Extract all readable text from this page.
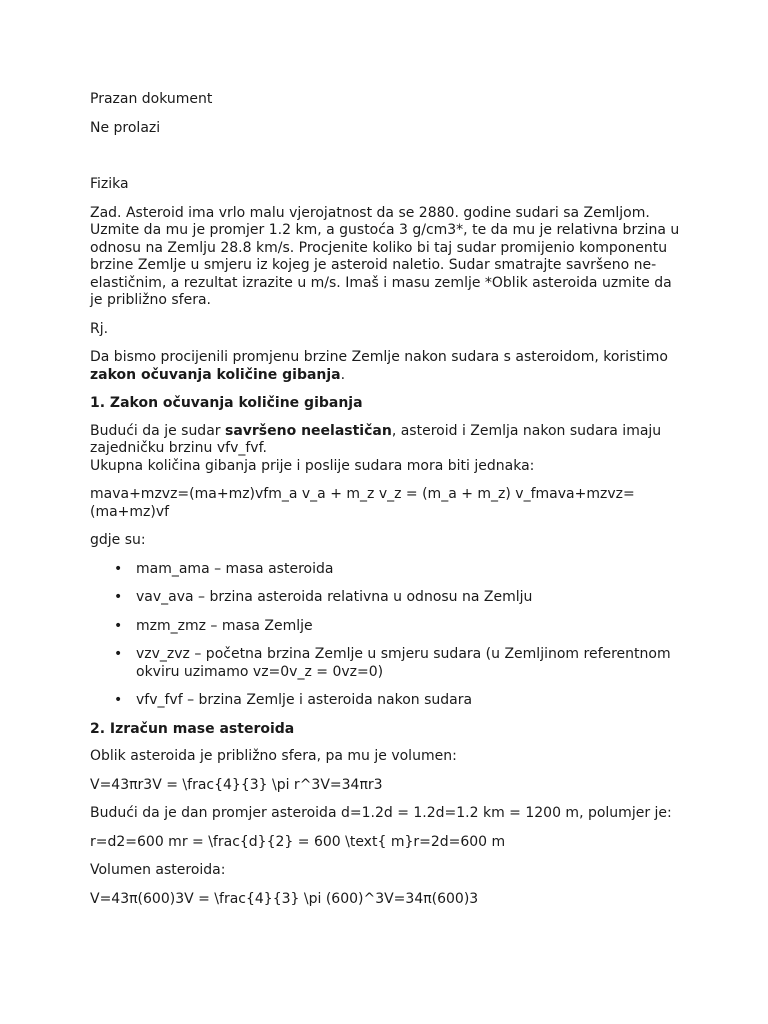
Prazan dokument

Ne prolazi

Fizika

Zad. Asteroid ima vrlo malu vjerojatnost da se 2880. godine sudari sa Zemljom. Uzmite da mu je promjer 1.2 km, a gustoća 3 g/cm3*, te da mu je relativna brzina u odnosu na Zemlju 28.8 km/s. Procjenite koliko bi taj sudar promijenio komponentu brzine Zemlje u smjeru iz kojeg je asteroid naletio. Sudar smatrajte savršeno ne-elastičnim, a rezultat izrazite u m/s. Imaš i masu zemlje *Oblik asteroida uzmite da je približno sfera.

Rj.

Da bismo procijenili promjenu brzine Zemlje nakon sudara s asteroidom, koristimo zakon očuvanja količine gibanja.

1. Zakon očuvanja količine gibanja

Budući da je sudar savršeno neelastičan, asteroid i Zemlja nakon sudara imaju zajedničku brzinu vfv_fvf.
Ukupna količina gibanja prije i poslije sudara mora biti jednaka:

mava+mzvz=(ma+mz)vfm_a v_a + m_z v_z = (m_a + m_z) v_fmava+mzvz=(ma+mz)vf

gdje su:

• mam_ama – masa asteroida
• vav_ava – brzina asteroida relativna u odnosu na Zemlju
• mzm_zmz – masa Zemlje
• vzv_zvz – početna brzina Zemlje u smjeru sudara (u Zemljinom referentnom okviru uzimamo vz=0v_z = 0vz=0)
• vfv_fvf – brzina Zemlje i asteroida nakon sudara
2. Izračun mase asteroida

Oblik asteroida je približno sfera, pa mu je volumen:

V=43πr3V = \frac{4}{3} \pi r^3V=34πr3

Budući da je dan promjer asteroida d=1.2d = 1.2d=1.2 km = 1200 m, polumjer je:

r=d2=600 mr = \frac{d}{2} = 600 \text{ m}r=2d=600 m

Volumen asteroida:

V=43π(600)3V = \frac{4}{3} \pi (600)^3V=34π(600)3
